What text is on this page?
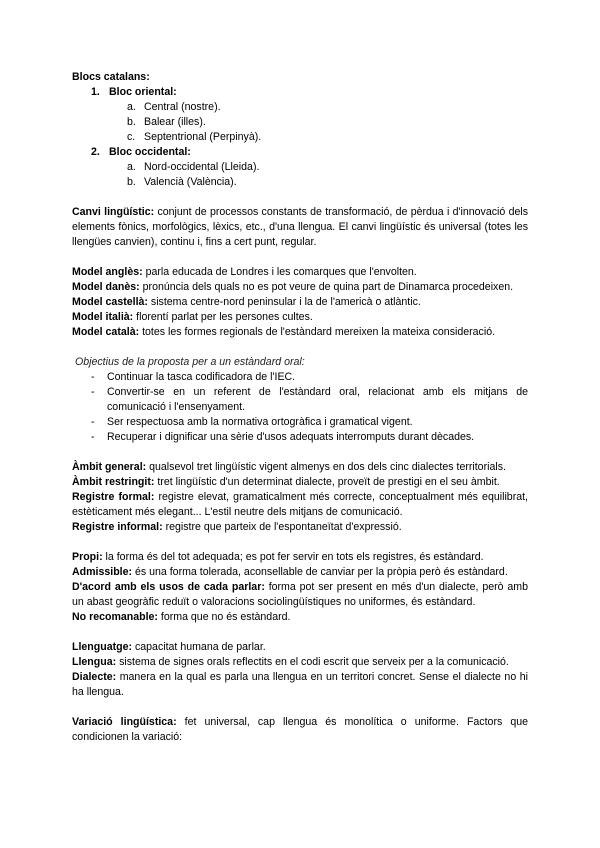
Blocs catalans:

1. Bloc oriental:
a. Central (nostre).
b. Balear (illes).
c. Septentrional (Perpinyà).
2. Bloc occidental:
a. Nord-occidental (Lleida).
b. Valencià (València).

Canvi lingüístic: conjunt de processos constants de transformació, de pèrdua i d'innovació dels elements fònics, morfològics, lèxics, etc., d'una llengua. El canvi lingüístic és universal (totes les llengües canvien), continu i, fins a cert punt, regular.

Model anglès: parla educada de Londres i les comarques que l'envolten.

Model danès: pronúncia dels quals no es pot veure de quina part de Dinamarca procedeixen.

Model castellà: sistema centre-nord peninsular i la de l'americà o atlàntic.

Model italià: florentí parlat per les persones cultes.

Model català: totes les formes regionals de l'estàndard mereixen la mateixa consideració.

Objectius de la proposta per a un estàndard oral:

-	Continuar la tasca codificadora de l'IEC.
-	Convertir-se en un referent de l'estàndard oral, relacionat amb els mitjans de comunicació i l'ensenyament.
-	Ser respectuosa amb la normativa ortogràfica i gramatical vigent.
-	Recuperar i dignificar una sèrie d'usos adequats interromputs durant dècades.

Àmbit general: qualsevol tret lingüístic vigent almenys en dos dels cinc dialectes territorials.

Àmbit restringit: tret lingüístic d'un determinat dialecte, proveït de prestigi en el seu àmbit.

Registre formal: registre elevat, gramaticalment més correcte, conceptualment més equilibrat, estèticament més elegant... L'estil neutre dels mitjans de comunicació.

Registre informal: registre que parteix de l'espontaneïtat d'expressió.

Propi: la forma és del tot adequada; es pot fer servir en tots els registres, és estàndard.

Admissible: és una forma tolerada, aconsellable de canviar per la pròpia però és estàndard.

D'acord amb els usos de cada parlar: forma pot ser present en més d'un dialecte, però amb un abast geogràfic reduït o valoracions sociolingüístiques no uniformes, és estàndard.

No recomanable: forma que no és estàndard.

Llenguatge: capacitat humana de parlar.

Llengua: sistema de signes orals reflectits en el codi escrit que serveix per a la comunicació.

Dialecte: manera en la qual es parla una llengua en un territori concret. Sense el dialecte no hi ha llengua.

Variació lingüística: fet universal, cap llengua és monolítica o uniforme. Factors que condicionen la variació:
